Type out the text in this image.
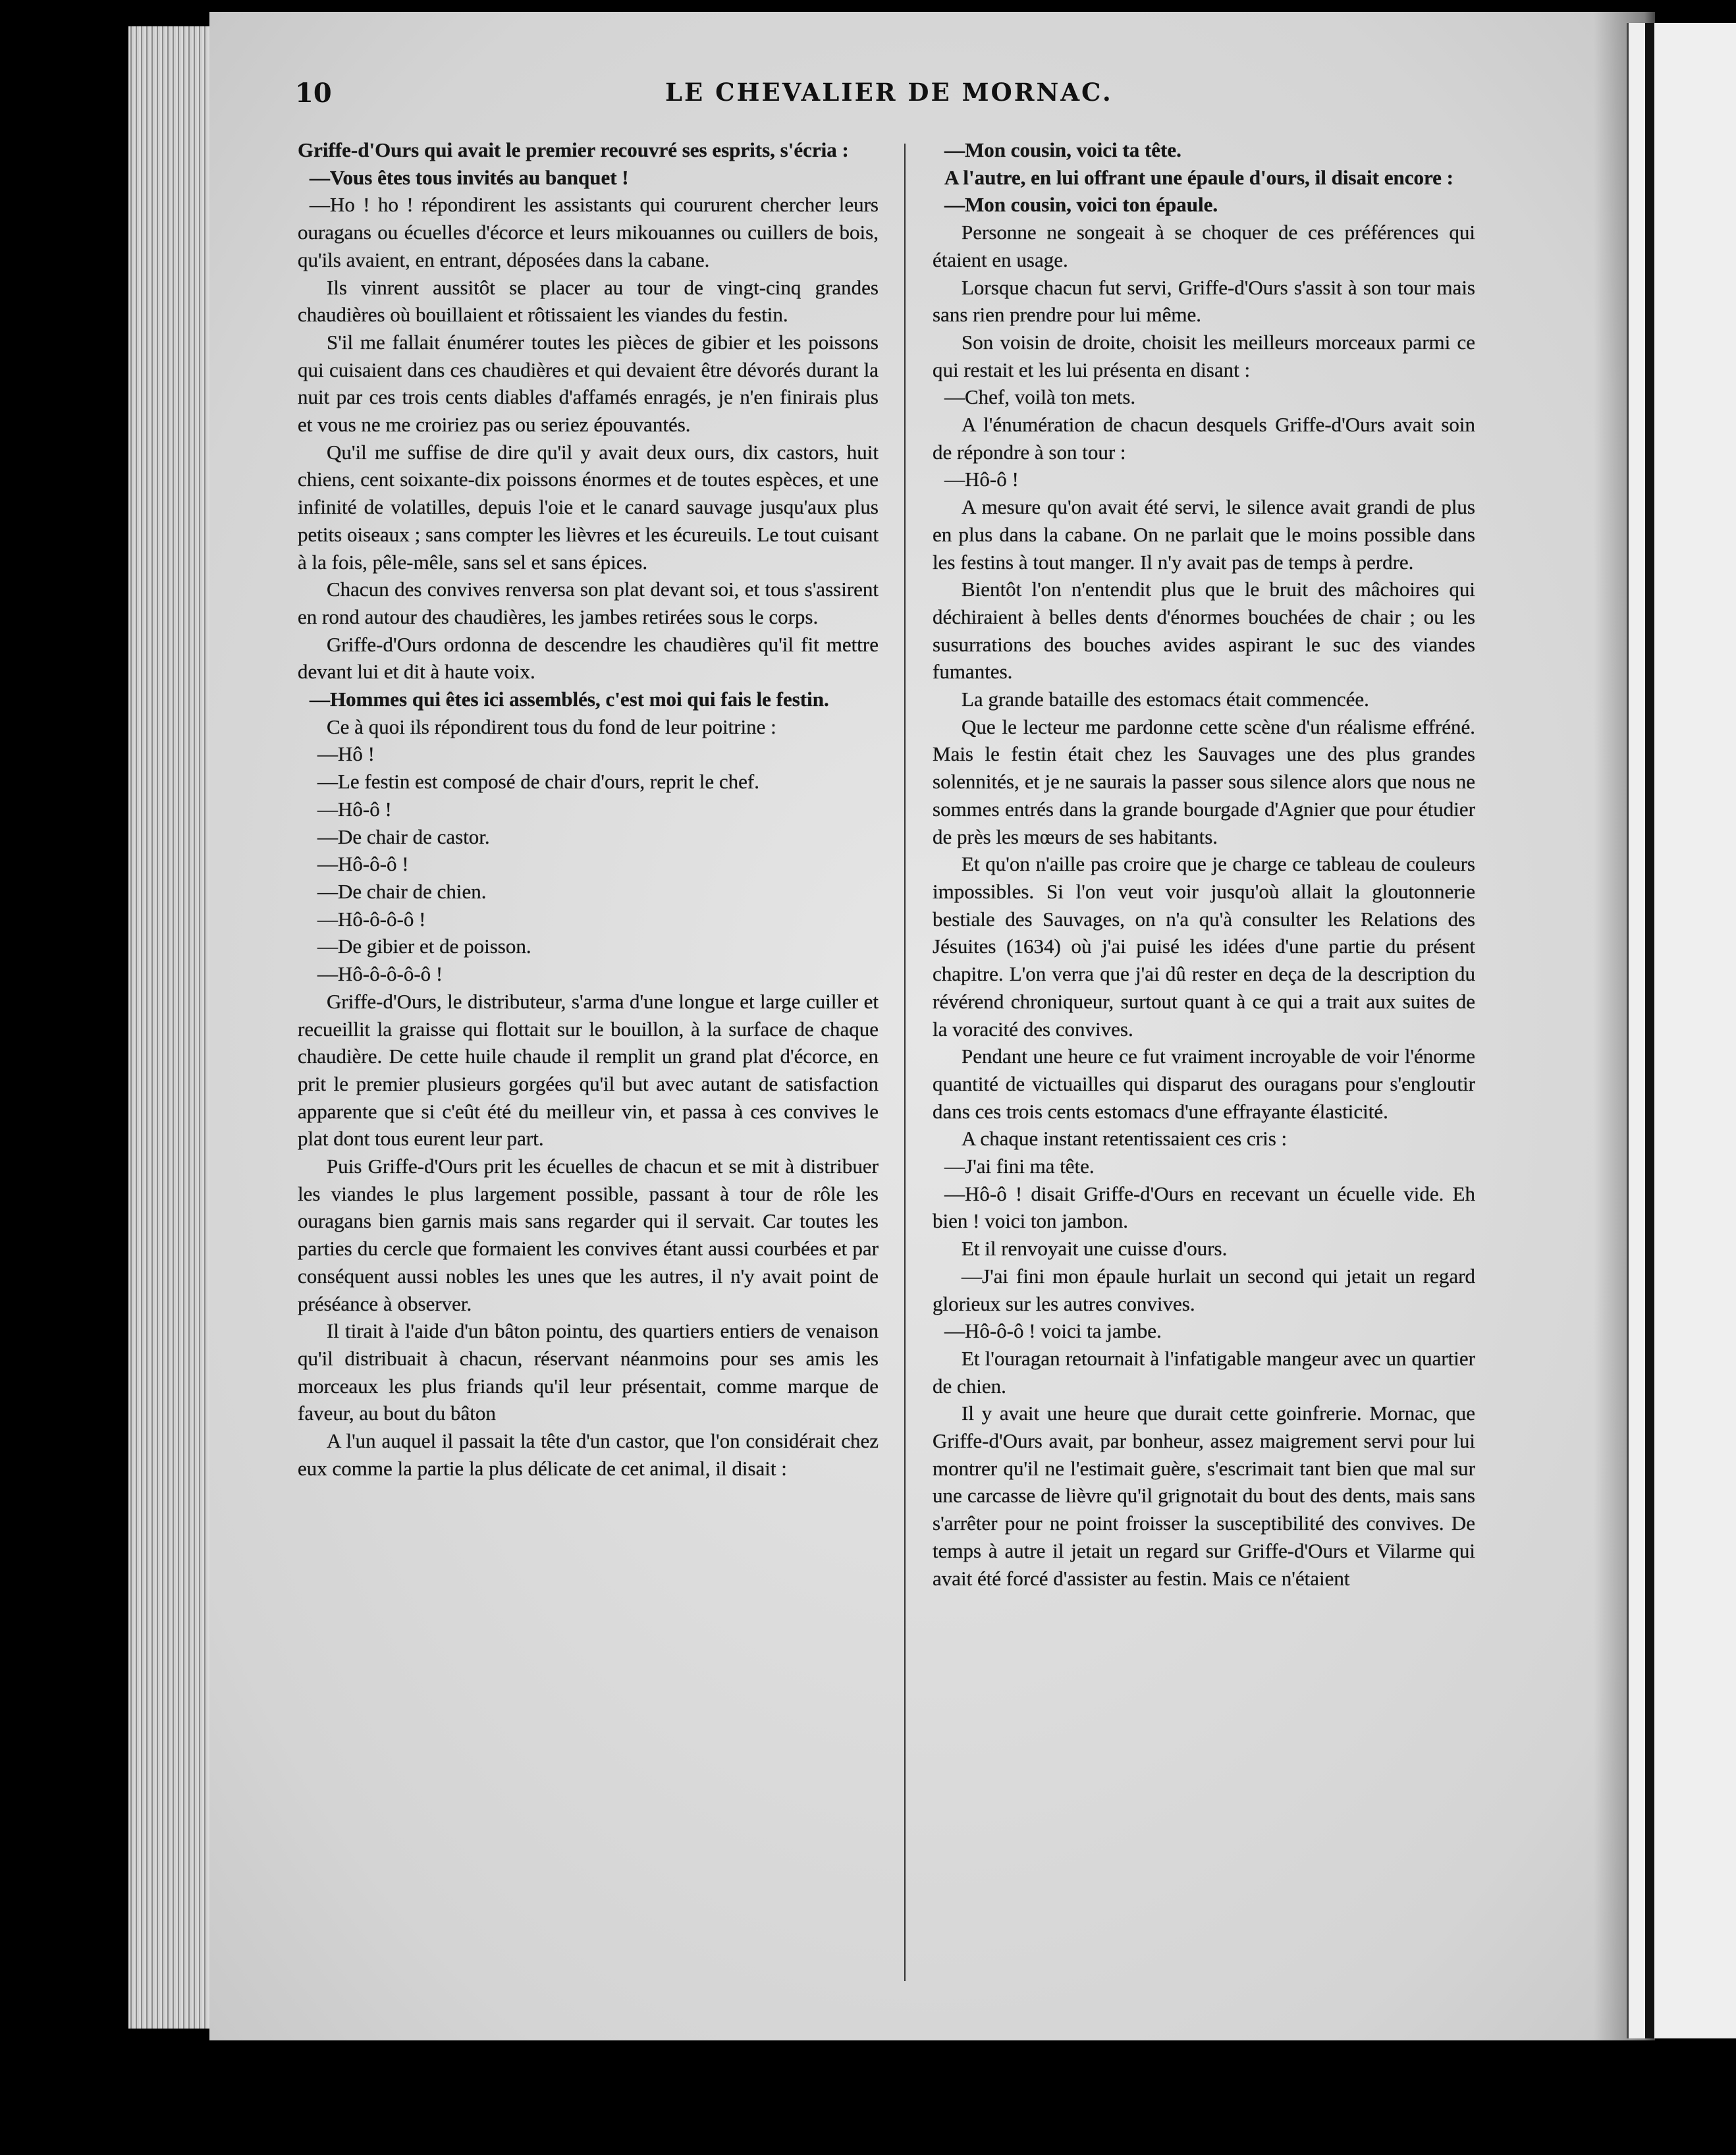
10	LE CHEVALIER DE MORNAC.

Griffe-d'Ours qui avait le premier recouvré ses esprits, s'écria :

—Vous êtes tous invités au banquet !

—Ho ! ho ! répondirent les assistants qui coururent chercher leurs ouragans ou écuelles d'écorce et leurs mikouannes ou cuillers de bois, qu'ils avaient, en entrant, déposées dans la cabane.

Ils vinrent aussitôt se placer au tour de vingt-cinq grandes chaudières où bouillaient et rôtissaient les viandes du festin.

S'il me fallait énumérer toutes les pièces de gibier et les poissons qui cuisaient dans ces chaudières et qui devaient être dévorés durant la nuit par ces trois cents diables d'affamés enragés, je n'en finirais plus et vous ne me croiriez pas ou seriez épouvantés.

Qu'il me suffise de dire qu'il y avait deux ours, dix castors, huit chiens, cent soixante-dix poissons énormes et de toutes espèces, et une infinité de volatilles, depuis l'oie et le canard sauvage jusqu'aux plus petits oiseaux ; sans compter les lièvres et les écureuils. Le tout cuisant à la fois, pêle-mêle, sans sel et sans épices.

Chacun des convives renversa son plat devant soi, et tous s'assirent en rond autour des chaudières, les jambes retirées sous le corps.

Griffe-d'Ours ordonna de descendre les chaudières qu'il fit mettre devant lui et dit à haute voix.

—Hommes qui êtes ici assemblés, c'est moi qui fais le festin.

Ce à quoi ils répondirent tous du fond de leur poitrine :

—Hô !

—Le festin est composé de chair d'ours, reprit le chef.

—Hô-ô !

—De chair de castor.

—Hô-ô-ô !

—De chair de chien.

—Hô-ô-ô-ô !

—De gibier et de poisson.

—Hô-ô-ô-ô-ô !

Griffe-d'Ours, le distributeur, s'arma d'une longue et large cuiller et recueillit la graisse qui flottait sur le bouillon, à la surface de chaque chaudière. De cette huile chaude il remplit un grand plat d'écorce, en prit le premier plusieurs gorgées qu'il but avec autant de satisfaction apparente que si c'eût été du meilleur vin, et passa à ces convives le plat dont tous eurent leur part.

Puis Griffe-d'Ours prit les écuelles de chacun et se mit à distribuer les viandes le plus largement possible, passant à tour de rôle les ouragans bien garnis mais sans regarder qui il servait. Car toutes les parties du cercle que formaient les convives étant aussi courbées et par conséquent aussi nobles les unes que les autres, il n'y avait point de préséance à observer.

Il tirait à l'aide d'un bâton pointu, des quartiers entiers de venaison qu'il distribuait à chacun, réservant néanmoins pour ses amis les morceaux les plus friands qu'il leur présentait, comme marque de faveur, au bout du bâton

A l'un auquel il passait la tête d'un castor, que l'on considérait chez eux comme la partie la plus délicate de cet animal, il disait :

—Mon cousin, voici ta tête.

A l'autre, en lui offrant une épaule d'ours, il disait encore :

—Mon cousin, voici ton épaule.

Personne ne songeait à se choquer de ces préférences qui étaient en usage.

Lorsque chacun fut servi, Griffe-d'Ours s'assit à son tour mais sans rien prendre pour lui même.

Son voisin de droite, choisit les meilleurs morceaux parmi ce qui restait et les lui présenta en disant :

—Chef, voilà ton mets.

A l'énumération de chacun desquels Griffe-d'Ours avait soin de répondre à son tour :

—Hô-ô !

A mesure qu'on avait été servi, le silence avait grandi de plus en plus dans la cabane. On ne parlait que le moins possible dans les festins à tout manger. Il n'y avait pas de temps à perdre.

Bientôt l'on n'entendit plus que le bruit des mâchoires qui déchiraient à belles dents d'énormes bouchées de chair ; ou les susurrations des bouches avides aspirant le suc des viandes fumantes.

La grande bataille des estomacs était commencée.

Que le lecteur me pardonne cette scène d'un réalisme effréné. Mais le festin était chez les Sauvages une des plus grandes solennités, et je ne saurais la passer sous silence alors que nous ne sommes entrés dans la grande bourgade d'Agnier que pour étudier de près les mœurs de ses habitants.

Et qu'on n'aille pas croire que je charge ce tableau de couleurs impossibles. Si l'on veut voir jusqu'où allait la gloutonnerie bestiale des Sauvages, on n'a qu'à consulter les Relations des Jésuites (1634) où j'ai puisé les idées d'une partie du présent chapitre. L'on verra que j'ai dû rester en deça de la description du révérend chroniqueur, surtout quant à ce qui a trait aux suites de la voracité des convives.

Pendant une heure ce fut vraiment incroyable de voir l'énorme quantité de victuailles qui disparut des ouragans pour s'engloutir dans ces trois cents estomacs d'une effrayante élasticité.

A chaque instant retentissaient ces cris :

—J'ai fini ma tête.

—Hô-ô ! disait Griffe-d'Ours en recevant un écuelle vide. Eh bien ! voici ton jambon.

Et il renvoyait une cuisse d'ours.

—J'ai fini mon épaule hurlait un second qui jetait un regard glorieux sur les autres convives.

—Hô-ô-ô ! voici ta jambe.

Et l'ouragan retournait à l'infatigable mangeur avec un quartier de chien.

Il y avait une heure que durait cette goinfrerie. Mornac, que Griffe-d'Ours avait, par bonheur, assez maigrement servi pour lui montrer qu'il ne l'estimait guère, s'escrimait tant bien que mal sur une carcasse de lièvre qu'il grignotait du bout des dents, mais sans s'arrêter pour ne point froisser la susceptibilité des convives. De temps à autre il jetait un regard sur Griffe-d'Ours et Vilarme qui avait été forcé d'assister au festin. Mais ce n'étaient
